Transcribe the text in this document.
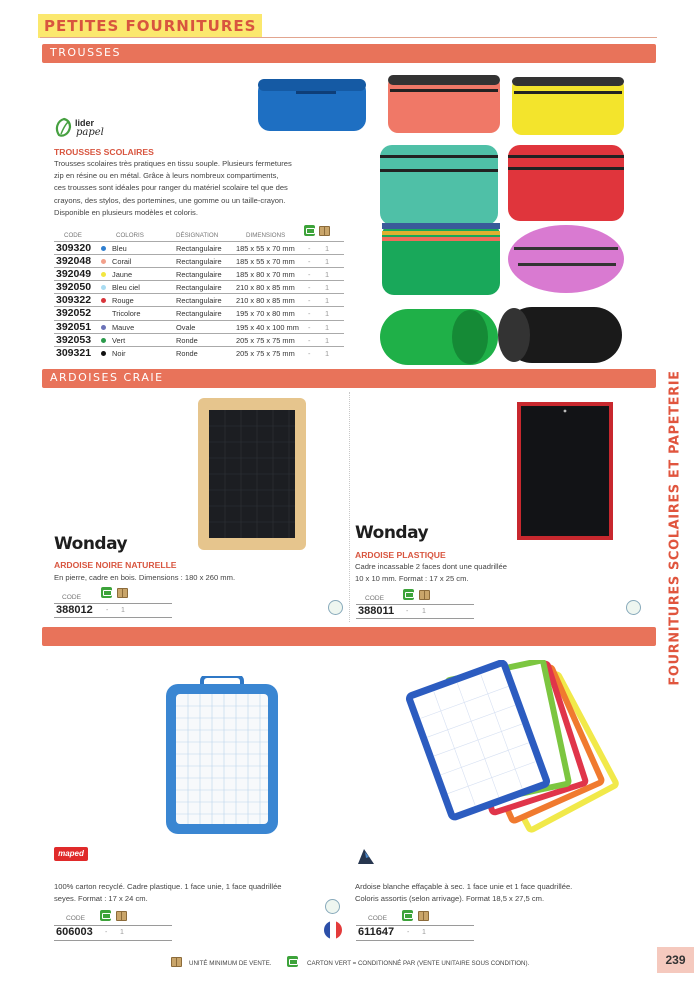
PETITES FOURNITURES
TROUSSES
lider
papel
TROUSSES SCOLAIRES
Trousses scolaires très pratiques en tissu souple. Plusieurs fermetures
zip en résine ou en métal. Grâce à leurs nombreux compartiments,
ces trousses sont idéales pour ranger du matériel scolaire tel que des
crayons, des stylos, des portemines, une gomme ou un taille-crayon.
Disponible en plusieurs modèles et coloris.
CODE	COLORIS	DÉSIGNATION	DIMENSIONS
309320	Bleu	Rectangulaire 185 x 55 x 70 mm - 1
392048	Corail	Rectangulaire 185 x 55 x 70 mm - 1
392049	Jaune	Rectangulaire 185 x 80 x 70 mm - 1
392050	Bleu ciel	Rectangulaire 210 x 80 x 85 mm - 1
309322	Rouge	Rectangulaire 210 x 80 x 85 mm - 1
392052	Tricolore	Rectangulaire 195 x 70 x 80 mm - 1
392051	Mauve	Ovale	195 x 40 x 100 mm - 1
392053	Vert	Ronde	205 x 75 x 75 mm - 1
309321	Noir	Ronde	205 x 75 x 75 mm - 1
ARDOISES CRAIE
Wonday
ARDOISE NOIRE NATURELLE
En pierre, cadre en bois. Dimensions : 180 x 260 mm.
CODE
388012 - 1
Wonday
ARDOISE PLASTIQUE
Cadre incassable 2 faces dont une quadrillée
10 x 10 mm. Format : 17 x 25 cm.
CODE
388011 - 1
maped
100% carton recyclé. Cadre plastique. 1 face unie, 1 face quadrillée
seyes. Format : 17 x 24 cm.
CODE
606003 - 1
Ardoise blanche effaçable à sec. 1 face unie et 1 face quadrillée.
Coloris assortis (selon arrivage). Format 18,5 x 27,5 cm.
CODE
611647 - 1
FOURNITURES SCOLAIRES ET PAPETERIE
UNITÉ MINIMUM DE VENTE.	CARTON VERT = CONDITIONNÉ PAR (VENTE UNITAIRE SOUS CONDITION).	239
